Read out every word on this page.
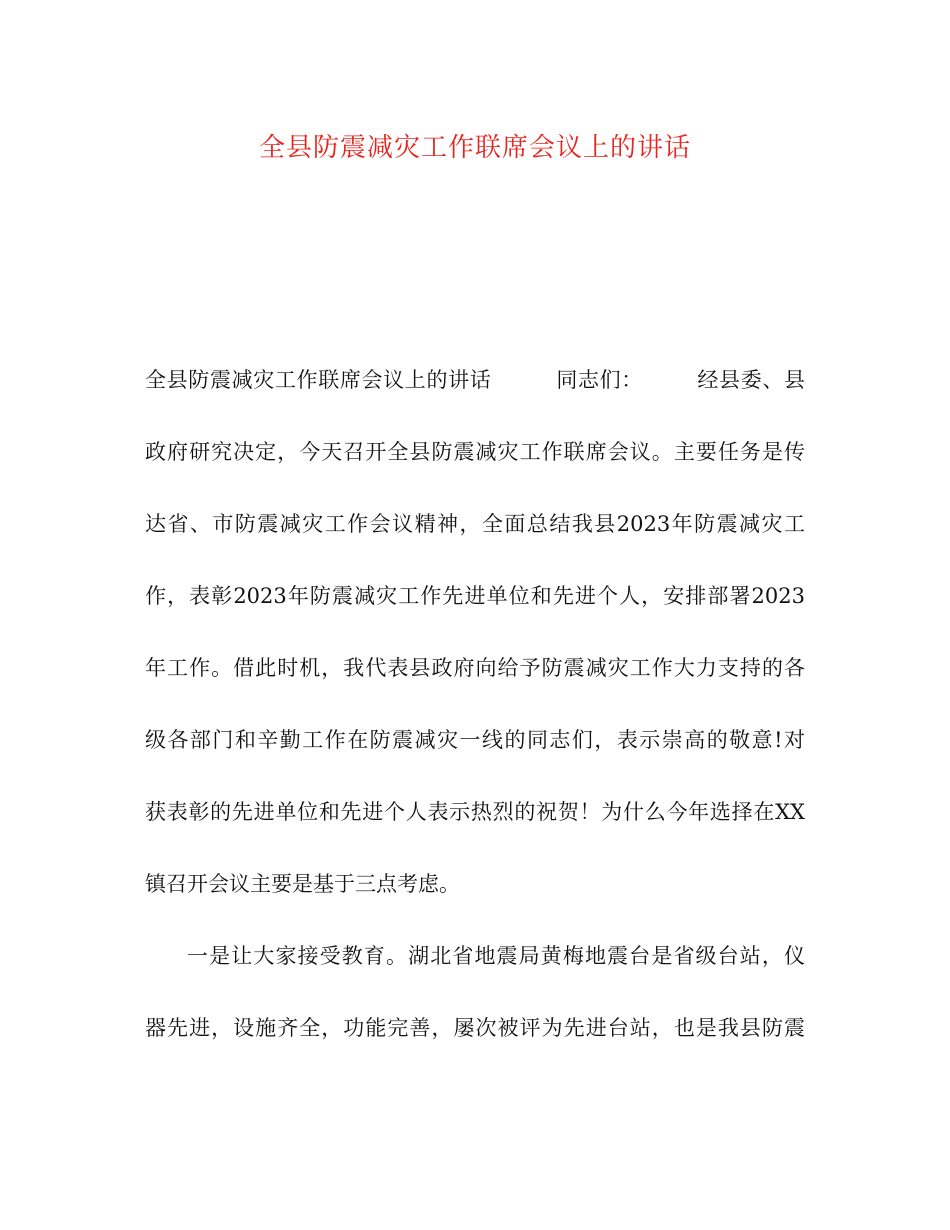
全县防震减灾工作联席会议上的讲话
全县防震减灾工作联席会议上的讲话　　　同志们：　　　经县委、县
政府研究决定，今天召开全县防震减灾工作联席会议。主要任务是传
达省、市防震减灾工作会议精神，全面总结我县2023年防震减灾工
作，表彰2023年防震减灾工作先进单位和先进个人，安排部署2023
年工作。借此时机，我代表县政府向给予防震减灾工作大力支持的各
级各部门和辛勤工作在防震减灾一线的同志们，表示崇高的敬意!对
获表彰的先进单位和先进个人表示热烈的祝贺！为什么今年选择在XX
镇召开会议主要是基于三点考虑。
一是让大家接受教育。湖北省地震局黄梅地震台是省级台站，仪
器先进，设施齐全，功能完善，屡次被评为先进台站，也是我县防震
